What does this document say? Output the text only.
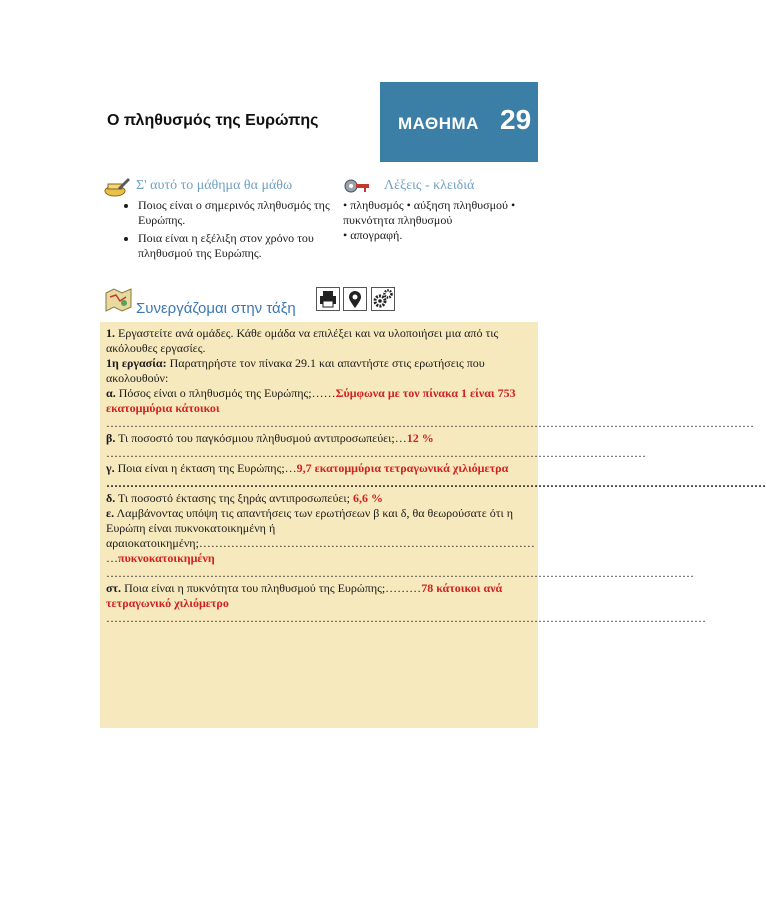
Ο πληθυσμός της Ευρώπης	ΜΑΘΗΜΑ 29
Σ' αυτό το μάθημα θα μάθω
• Ποιος είναι ο σημερινός πληθυσμός της Ευρώπης.
• Ποια είναι η εξέλιξη στον χρόνο του πληθυσμού της Ευρώπης.
Λέξεις - κλειδιά
• πληθυσμός • αύξηση πληθυσμού • πυκνότητα πληθυσμού
• απογραφή.
Συνεργάζομαι στην τάξη

1. Εργαστείτε ανά ομάδες. Κάθε ομάδα να επιλέξει και να υλοποιήσει μια από τις ακόλουθες εργασίες.

1η εργασία: Παρατηρήστε τον πίνακα 29.1 και απαντήστε στις ερωτήσεις που ακολουθούν:

α. Πόσος είναι ο πληθυσμός της Ευρώπης;……Σύμφωνα με τον πίνακα 1 είναι 753 εκατομμύρια κάτοικοι

………………………………………………………………………………………………………………………………………………

β. Τι ποσοστό του παγκόσμιου πληθυσμού αντιπροσωπεύει;…12 %

………………………………………………………………………………………………………………………

γ. Ποια είναι η έκταση της Ευρώπης;…9,7 εκατομμύρια τετραγωνικά χιλιόμετρα

…………………………………………………………………………………………………………………………………………………

δ. Τι ποσοστό έκτασης της ξηράς αντιπροσωπεύει; 6,6 %

ε. Λαμβάνοντας υπόψη τις απαντήσεις των ερωτήσεων β και δ, θα θεωρούσατε ότι η Ευρώπη είναι πυκνοκατοικημένη ή αραιοκατοικημένη;…………………………………………………………………………

…πυκνοκατοικημένη

…………………………………………………………………………………………………………………………………

στ. Ποια είναι η πυκνότητα του πληθυσμού της Ευρώπης;………78 κάτοικοι ανά τετραγωνικό χιλιόμετρο

……………………………………………………………………………………………………………………………………
